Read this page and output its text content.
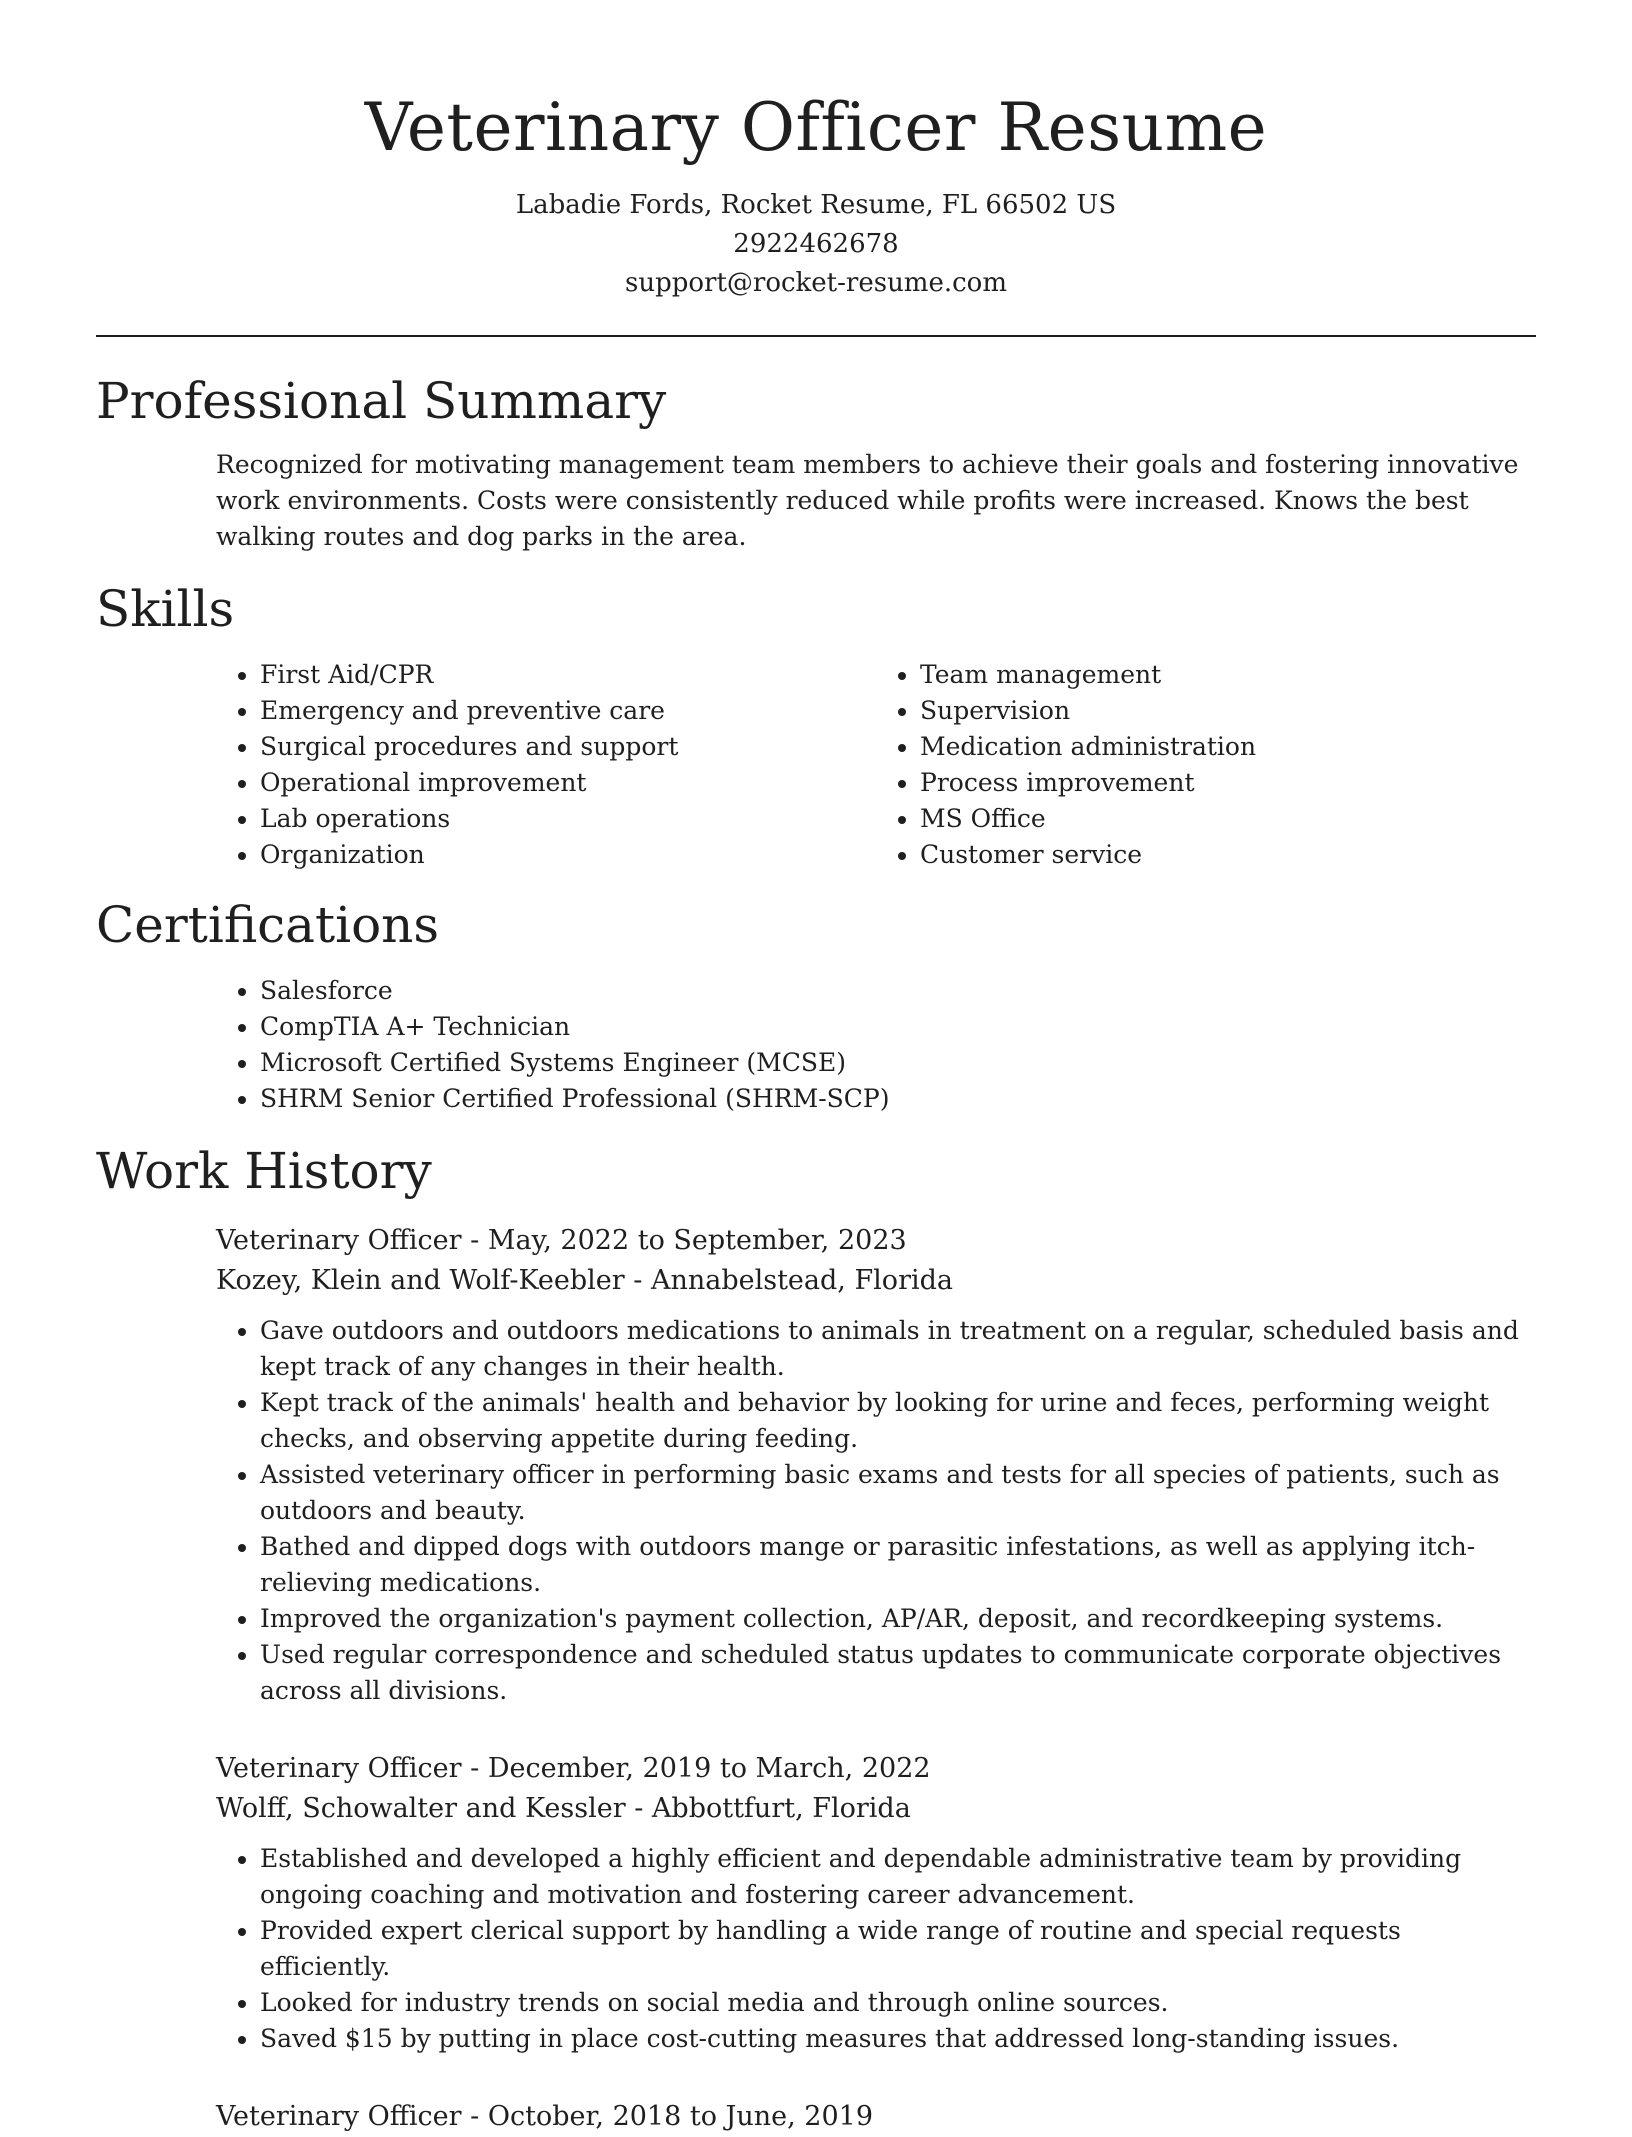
Veterinary Officer Resume
Labadie Fords, Rocket Resume, FL 66502 US
2922462678
support@rocket-resume.com
Professional Summary

Recognized for motivating management team members to achieve their goals and fostering innovative work environments. Costs were consistently reduced while profits were increased. Knows the best walking routes and dog parks in the area.

Skills
• First Aid/CPR
• Emergency and preventive care
• Surgical procedures and support
• Operational improvement
• Lab operations
• Organization
• Team management
• Supervision
• Medication administration
• Process improvement
• MS Office
• Customer service
Certifications
• Salesforce
• CompTIA A+ Technician
• Microsoft Certified Systems Engineer (MCSE)
• SHRM Senior Certified Professional (SHRM-SCP)
Work History
Veterinary Officer - May, 2022 to September, 2023
Kozey, Klein and Wolf-Keebler - Annabelstead, Florida
• Gave outdoors and outdoors medications to animals in treatment on a regular, scheduled basis and kept track of any changes in their health.
• Kept track of the animals' health and behavior by looking for urine and feces, performing weight checks, and observing appetite during feeding.
• Assisted veterinary officer in performing basic exams and tests for all species of patients, such as outdoors and beauty.
• Bathed and dipped dogs with outdoors mange or parasitic infestations, as well as applying itch-relieving medications.
• Improved the organization's payment collection, AP/AR, deposit, and recordkeeping systems.
• Used regular correspondence and scheduled status updates to communicate corporate objectives across all divisions.
Veterinary Officer - December, 2019 to March, 2022
Wolff, Schowalter and Kessler - Abbottfurt, Florida
• Established and developed a highly efficient and dependable administrative team by providing ongoing coaching and motivation and fostering career advancement.
• Provided expert clerical support by handling a wide range of routine and special requests efficiently.
• Looked for industry trends on social media and through online sources.
• Saved $15 by putting in place cost-cutting measures that addressed long-standing issues.
Veterinary Officer - October, 2018 to June, 2019
